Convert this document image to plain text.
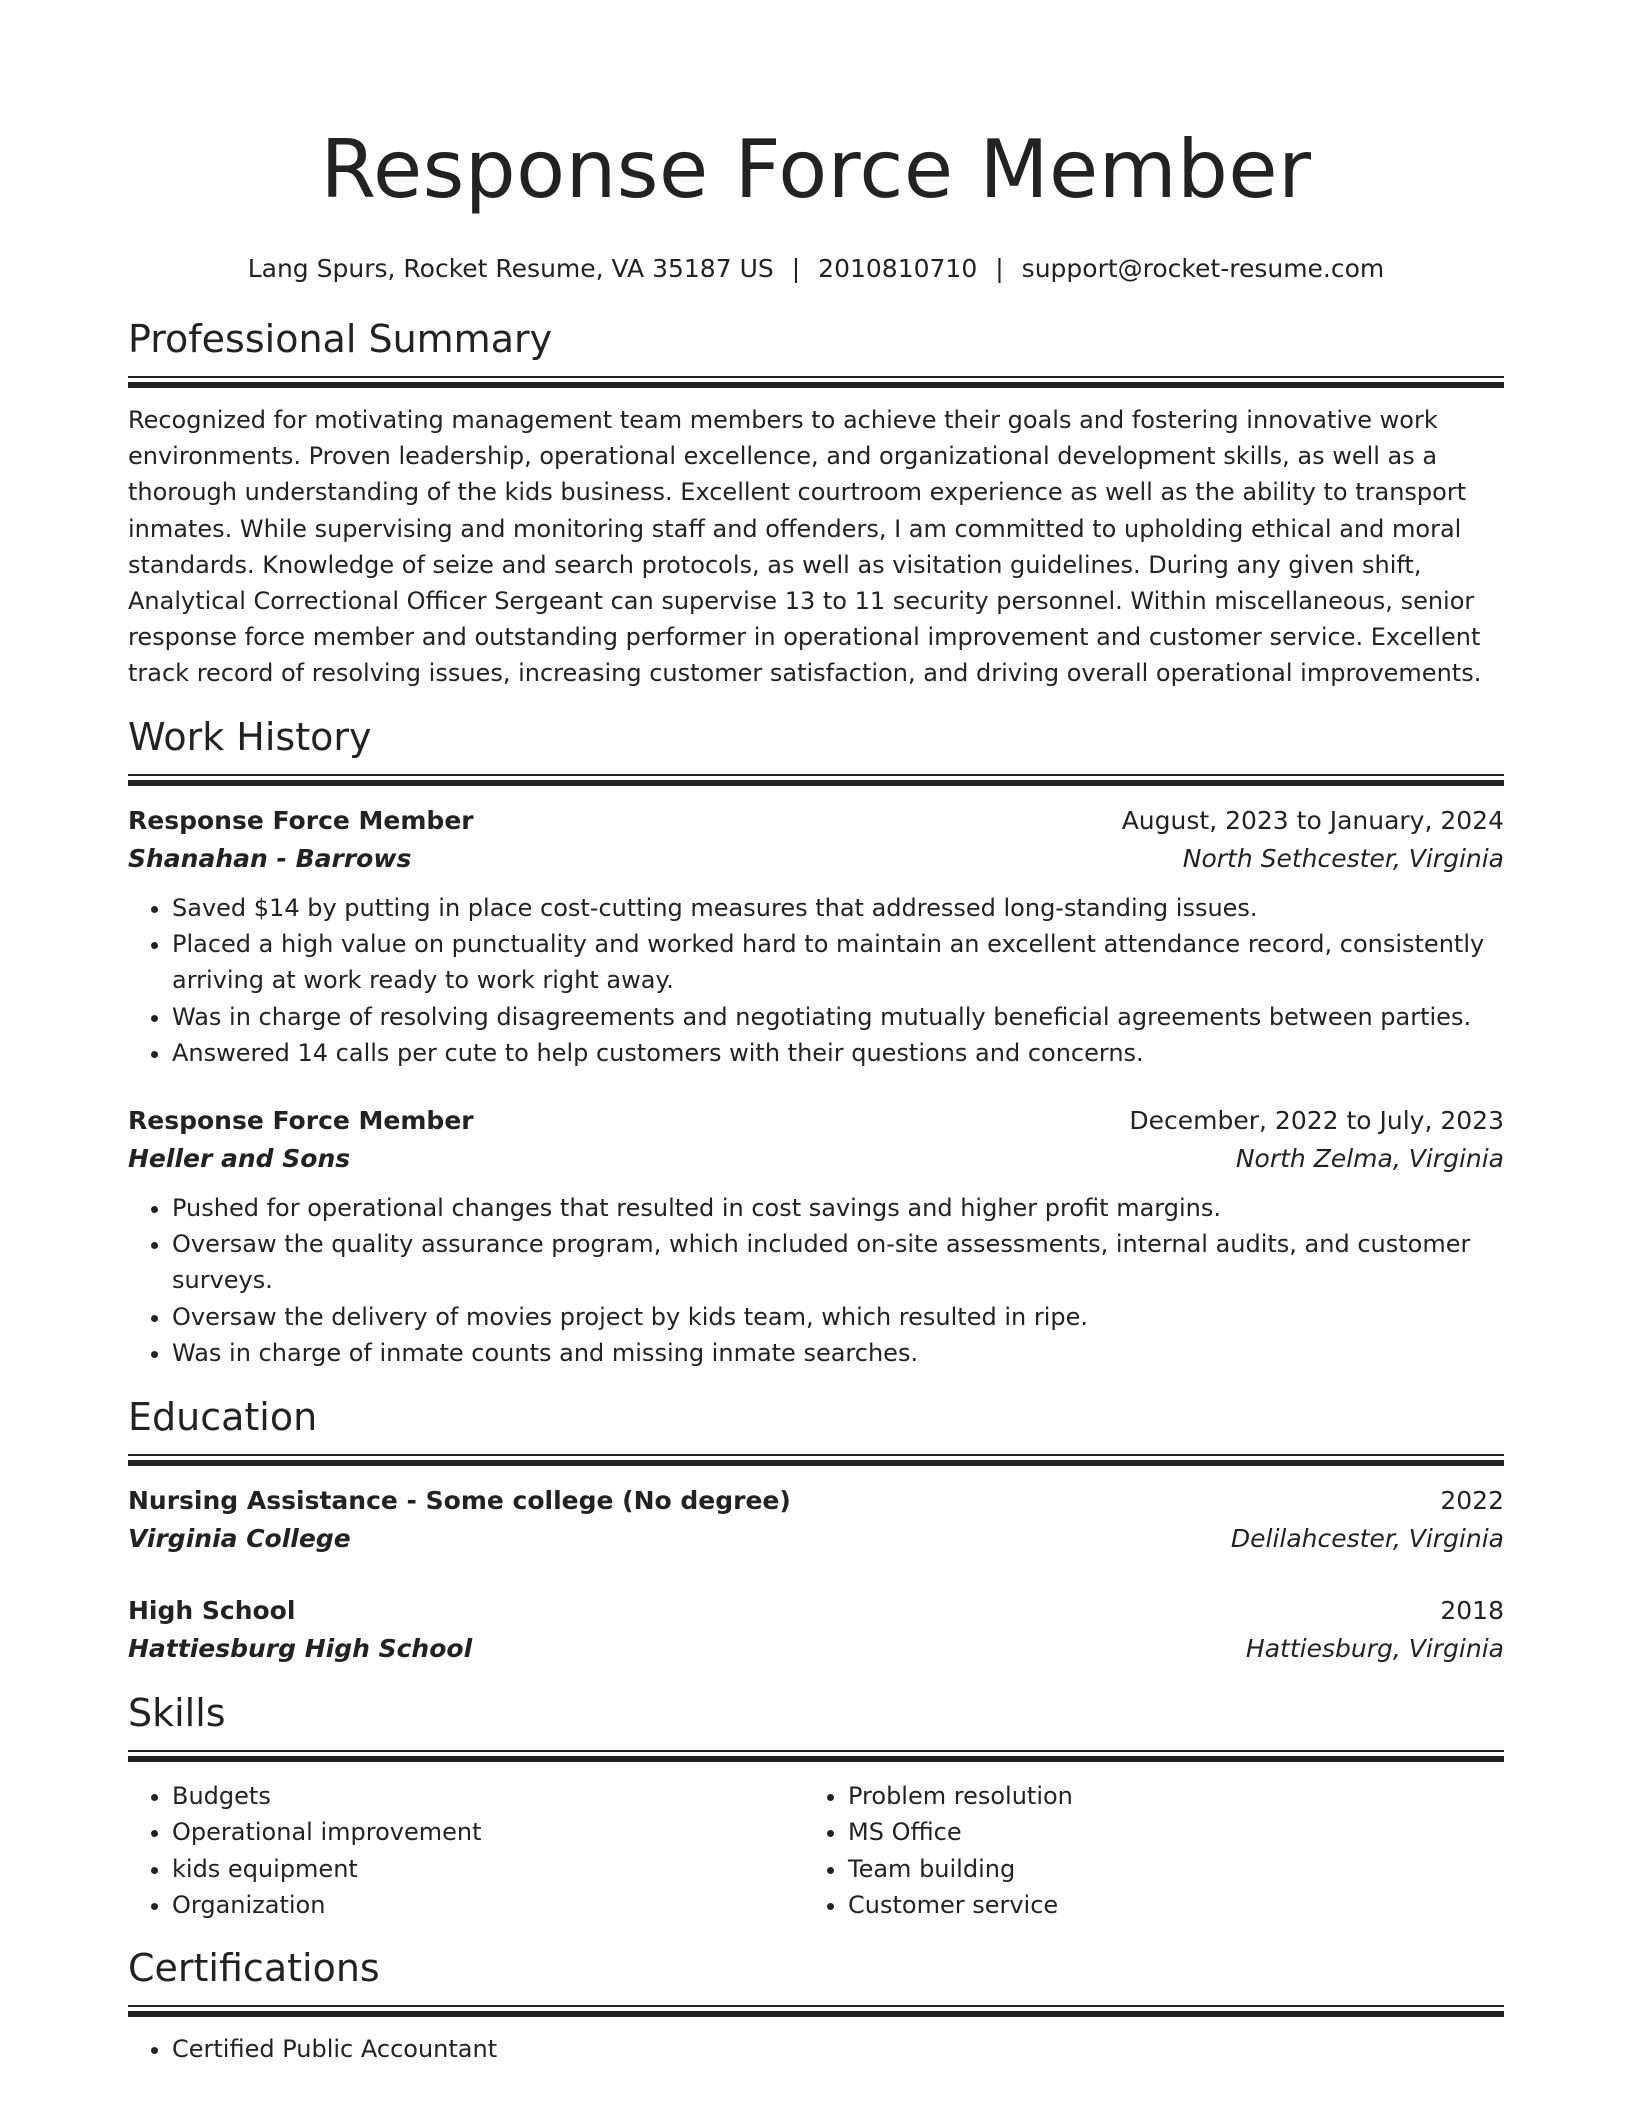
Response Force Member
Lang Spurs, Rocket Resume, VA 35187 US | 2010810710 | support@rocket-resume.com
Professional Summary

Recognized for motivating management team members to achieve their goals and fostering innovative work environments. Proven leadership, operational excellence, and organizational development skills, as well as a thorough understanding of the kids business. Excellent courtroom experience as well as the ability to transport inmates. While supervising and monitoring staff and offenders, I am committed to upholding ethical and moral standards. Knowledge of seize and search protocols, as well as visitation guidelines. During any given shift, Analytical Correctional Officer Sergeant can supervise 13 to 11 security personnel. Within miscellaneous, senior response force member and outstanding performer in operational improvement and customer service. Excellent track record of resolving issues, increasing customer satisfaction, and driving overall operational improvements.

Work History
Response Force Member	August, 2023 to January, 2024
Shanahan - Barrows	North Sethcester, Virginia
• Saved $14 by putting in place cost-cutting measures that addressed long-standing issues.
• Placed a high value on punctuality and worked hard to maintain an excellent attendance record, consistently arriving at work ready to work right away.
• Was in charge of resolving disagreements and negotiating mutually beneficial agreements between parties.
• Answered 14 calls per cute to help customers with their questions and concerns.
Response Force Member	December, 2022 to July, 2023
Heller and Sons	North Zelma, Virginia
• Pushed for operational changes that resulted in cost savings and higher profit margins.
• Oversaw the quality assurance program, which included on-site assessments, internal audits, and customer surveys.
• Oversaw the delivery of movies project by kids team, which resulted in ripe.
• Was in charge of inmate counts and missing inmate searches.
Education
Nursing Assistance - Some college (No degree)	2022
Virginia College	Delilahcester, Virginia
High School	2018
Hattiesburg High School	Hattiesburg, Virginia
Skills
• Budgets
• Operational improvement
• kids equipment
• Organization
• Problem resolution
• MS Office
• Team building
• Customer service
Certifications
• Certified Public Accountant
